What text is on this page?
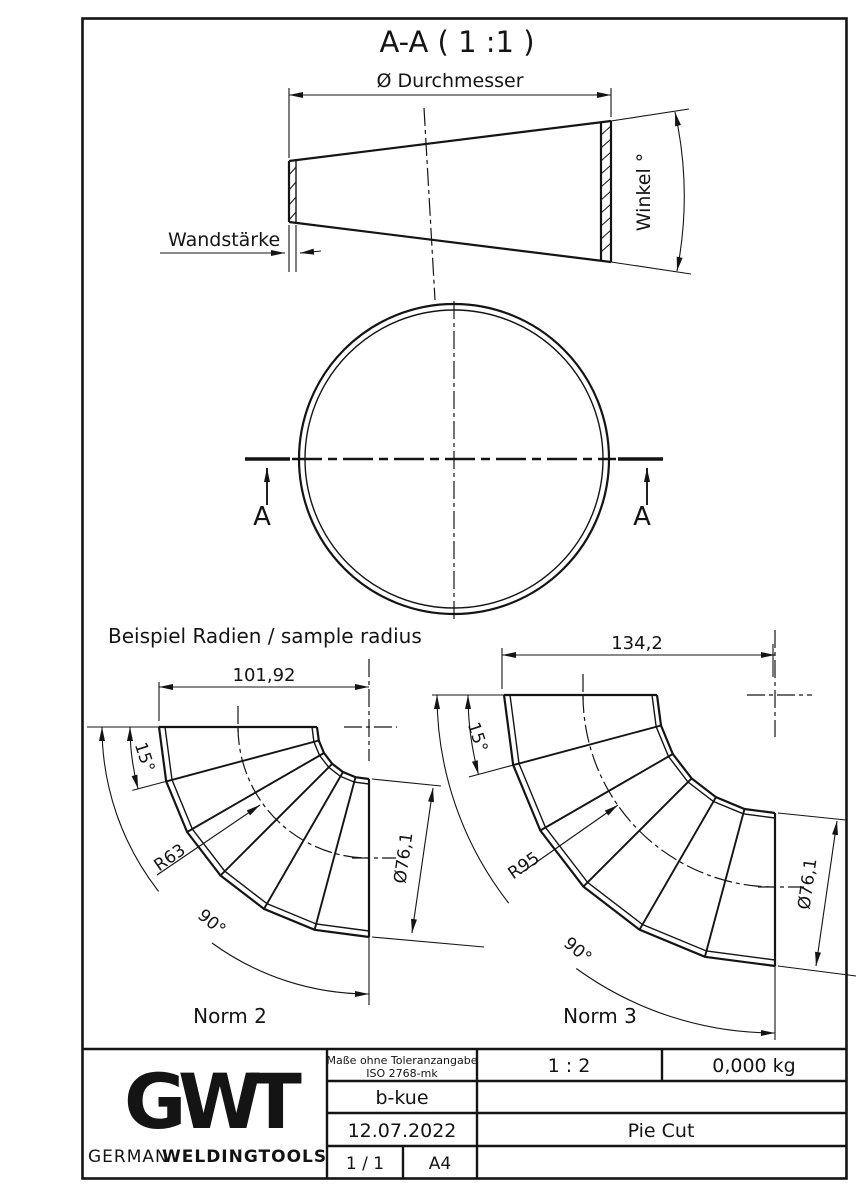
A-A ( 1 :1 )
Ø Durchmesser
Wandstärke
Winkel °
A	A
Beispiel Radien / sample radius
101,92
15°
90°
R63	Ø76,1
Norm 2
134,2
15°
90°
R95	Ø76,1
Norm 3
Maße ohne Toleranzangabe
ISO 2768-mk	1 : 2	0,000 kg
b-kue
12.07.2022	Pie Cut
1 / 1	A4
G
W
T
GERMAN
WELDINGTOOLS
